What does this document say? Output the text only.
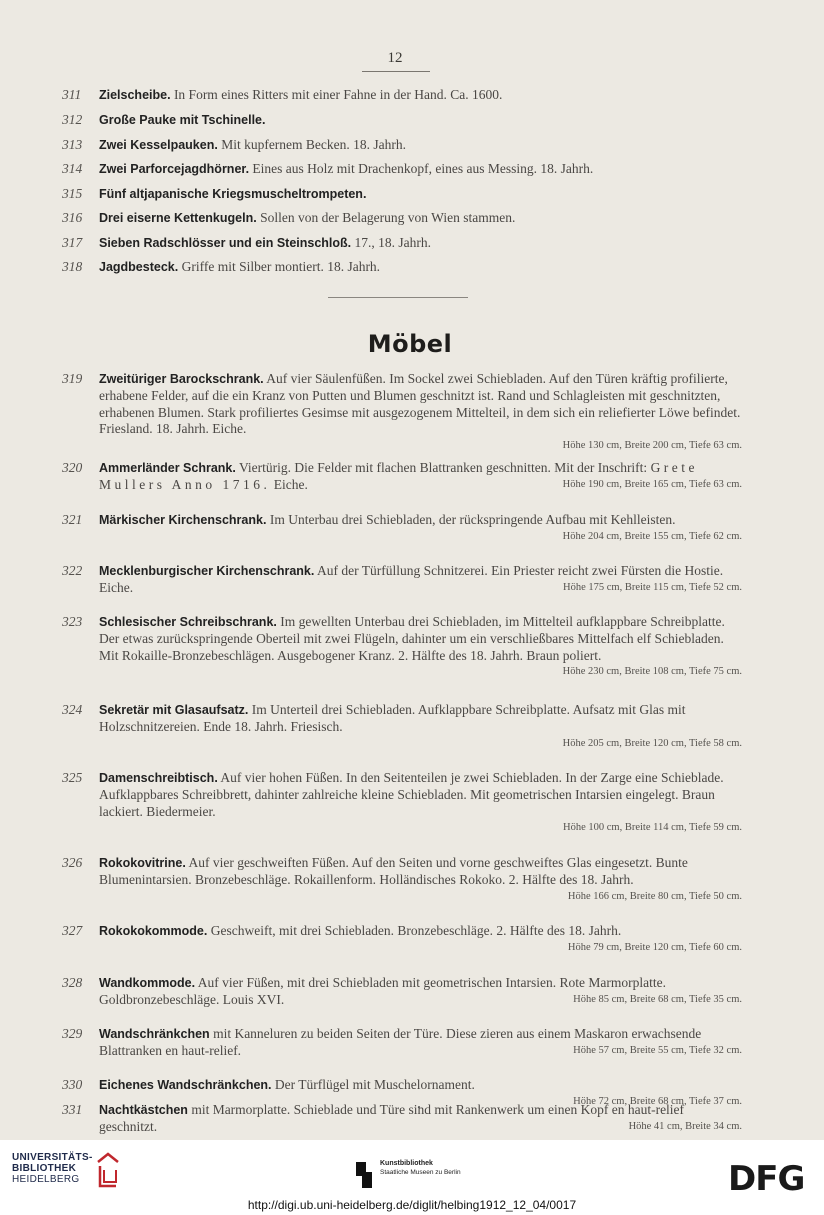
12
311	Zielscheibe. In Form eines Ritters mit einer Fahne in der Hand. Ca. 1600.
312	Große Pauke mit Tschinelle.
313	Zwei Kesselpauken. Mit kupfernem Becken. 18. Jahrh.
314	Zwei Parforcejagdhörner. Eines aus Holz mit Drachenkopf, eines aus Messing. 18. Jahrh.
315	Fünf altjapanische Kriegsmuscheltrompeten.
316	Drei eiserne Kettenkugeln. Sollen von der Belagerung von Wien stammen.
317	Sieben Radschlösser und ein Steinschloß. 17., 18. Jahrh.
318	Jagdbesteck. Griffe mit Silber montiert. 18. Jahrh.
Möbel
319	Zweitüriger Barockschrank. Auf vier Säulenfüßen. Im Sockel zwei Schiebladen. Auf den Türen kräftig profilierte, erhabene Felder, auf die ein Kranz von Putten und Blumen geschnitzt ist. Rand und Schlagleisten mit geschnitzten, erhabenen Blumen. Stark profiliertes Gesimse mit ausgezogenem Mittelteil, in dem sich ein reliefierter Löwe befindet. Friesland. 18. Jahrh. Eiche.
Höhe 130 cm, Breite 200 cm, Tiefe 63 cm.
320	Ammerländer Schrank. Viertürig. Die Felder mit flachen Blattranken geschnitten. Mit der Inschrift: Grete Mullers Anno 1716. Eiche.	Höhe 190 cm, Breite 165 cm, Tiefe 63 cm.
321	Märkischer Kirchenschrank. Im Unterbau drei Schiebladen, der rückspringende Aufbau mit Kehlleisten.
Höhe 204 cm, Breite 155 cm, Tiefe 62 cm.
322	Mecklenburgischer Kirchenschrank. Auf der Türfüllung Schnitzerei. Ein Priester reicht zwei Fürsten die Hostie. Eiche.	Höhe 175 cm, Breite 115 cm, Tiefe 52 cm.
323	Schlesischer Schreibschrank. Im gewellten Unterbau drei Schiebladen, im Mittelteil aufklappbare Schreibplatte. Der etwas zurückspringende Oberteil mit zwei Flügeln, dahinter um ein verschließbares Mittelfach elf Schiebladen. Mit Rokaille-Bronzebeschlägen. Ausgebogener Kranz. 2. Hälfte des 18. Jahrh. Braun poliert.
Höhe 230 cm, Breite 108 cm, Tiefe 75 cm.
324	Sekretär mit Glasaufsatz. Im Unterteil drei Schiebladen. Aufklappbare Schreibplatte. Aufsatz mit Glas mit Holzschnitzereien. Ende 18. Jahrh. Friesisch.
Höhe 205 cm, Breite 120 cm, Tiefe 58 cm.
325	Damenschreibtisch. Auf vier hohen Füßen. In den Seitenteilen je zwei Schiebladen. In der Zarge eine Schieblade. Aufklappbares Schreibbrett, dahinter zahlreiche kleine Schiebladen. Mit geometrischen Intarsien eingelegt. Braun lackiert. Biedermeier.
Höhe 100 cm, Breite 114 cm, Tiefe 59 cm.
326	Rokokovitrine. Auf vier geschweiften Füßen. Auf den Seiten und vorne geschweiftes Glas eingesetzt. Bunte Blumenintarsien. Bronzebeschläge. Rokaillenform. Holländisches Rokoko. 2. Hälfte des 18. Jahrh.
Höhe 166 cm, Breite 80 cm, Tiefe 50 cm.
327	Rokokokommode. Geschweift, mit drei Schiebladen. Bronzebeschläge. 2. Hälfte des 18. Jahrh.
Höhe 79 cm, Breite 120 cm, Tiefe 60 cm.
328	Wandkommode. Auf vier Füßen, mit drei Schiebladen mit geometrischen Intarsien. Rote Marmorplatte. Goldbronzebeschläge. Louis XVI.	Höhe 85 cm, Breite 68 cm, Tiefe 35 cm.
329	Wandschränkchen mit Kanneluren zu beiden Seiten der Türe. Diese zieren aus einem Maskaron erwachsende Blattranken en haut-relief.	Höhe 57 cm, Breite 55 cm, Tiefe 32 cm.
330	Eichenes Wandschränkchen. Der Türflügel mit Muschelornament.
Höhe 72 cm, Breite 68 cm, Tiefe 37 cm.
UNIVERSITÄTS-
BIBLIOTHEK
HEIDELBERG
Kunstbibliothek
Staatliche Museen zu Berlin	DFG
http://digi.ub.uni-heidelberg.de/diglit/helbing1912_12_04/0017
331	Nachtkästchen mit Marmorplatte. Schieblade und Türe sind mit Rankenwerk um einen Kopf en haut-relief geschnitzt.	Höhe 41 cm, Breite 34 cm.
